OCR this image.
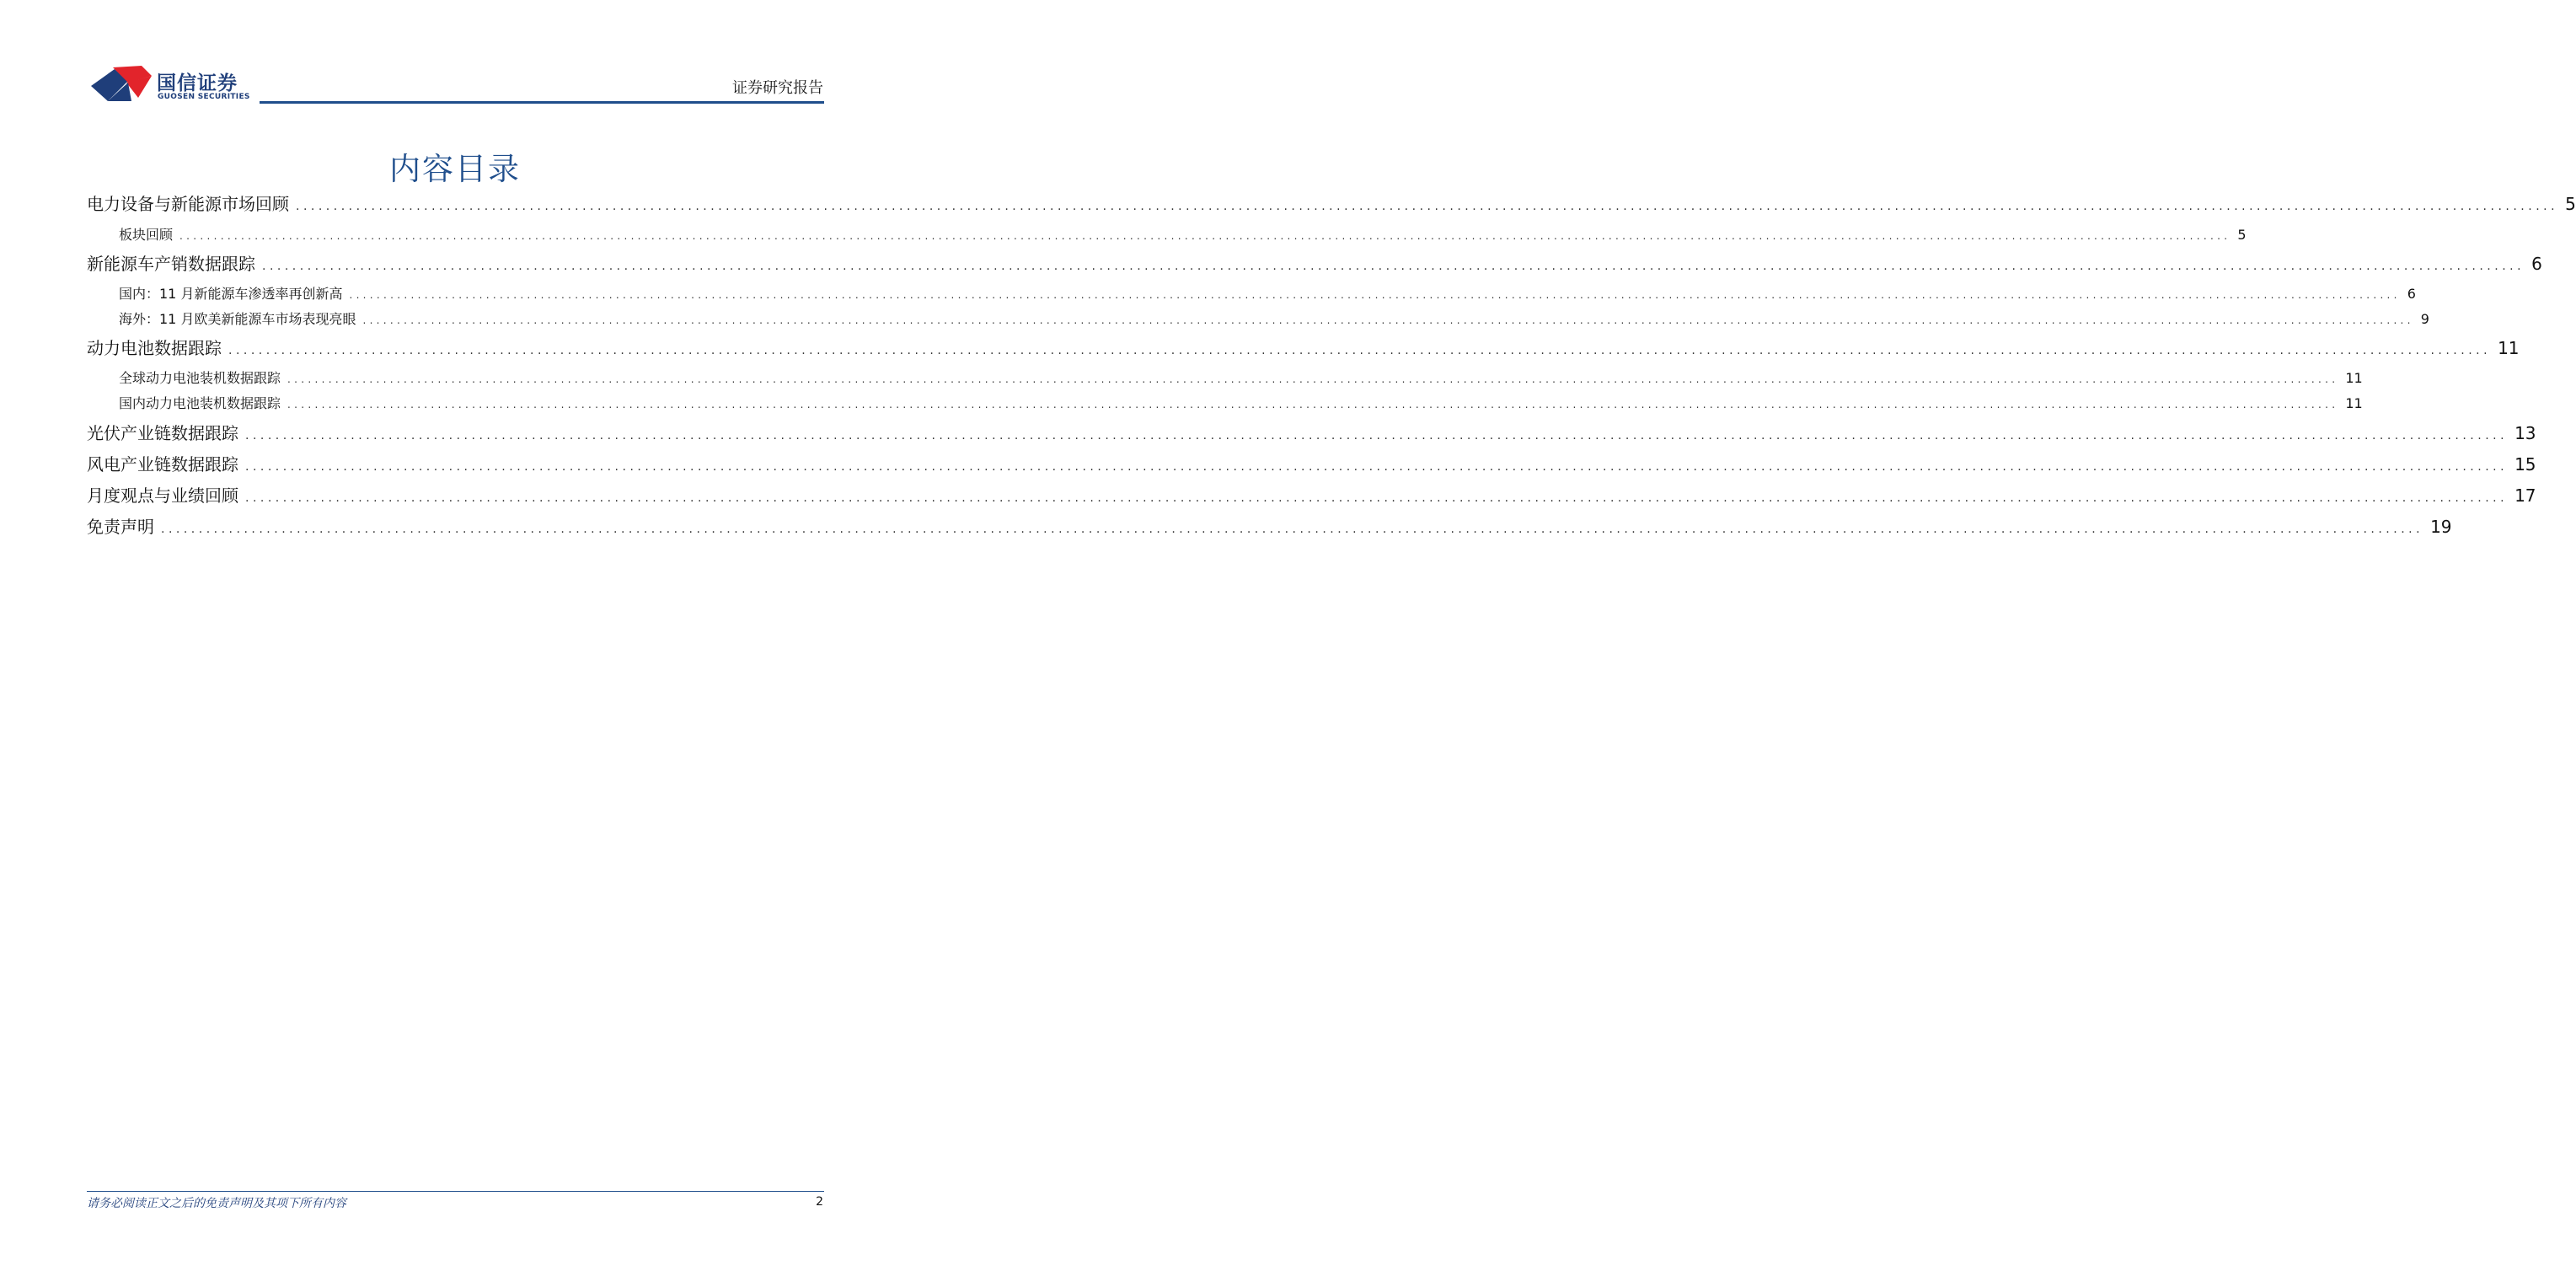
国信证券
GUOSEN SECURITIES	证券研究报告
内容目录
电力设备与新能源市场回顾 ............................................................................................................................................................................................................................................................................................................ 5
板块回顾 ............................................................................................................................................................................................................................................................................................................ 5
新能源车产销数据跟踪 ............................................................................................................................................................................................................................................................................................................ 6
国内：11 月新能源车渗透率再创新高 ............................................................................................................................................................................................................................................................................................................ 6
海外：11 月欧美新能源车市场表现亮眼 ............................................................................................................................................................................................................................................................................................................ 9
动力电池数据跟踪 ............................................................................................................................................................................................................................................................................................................ 11
全球动力电池装机数据跟踪 ............................................................................................................................................................................................................................................................................................................ 11
国内动力电池装机数据跟踪 ............................................................................................................................................................................................................................................................................................................ 11
光伏产业链数据跟踪 ............................................................................................................................................................................................................................................................................................................ 13
风电产业链数据跟踪 ............................................................................................................................................................................................................................................................................................................ 15
月度观点与业绩回顾 ............................................................................................................................................................................................................................................................................................................ 17
免责声明 ............................................................................................................................................................................................................................................................................................................ 19
请务必阅读正文之后的免责声明及其项下所有内容	2
